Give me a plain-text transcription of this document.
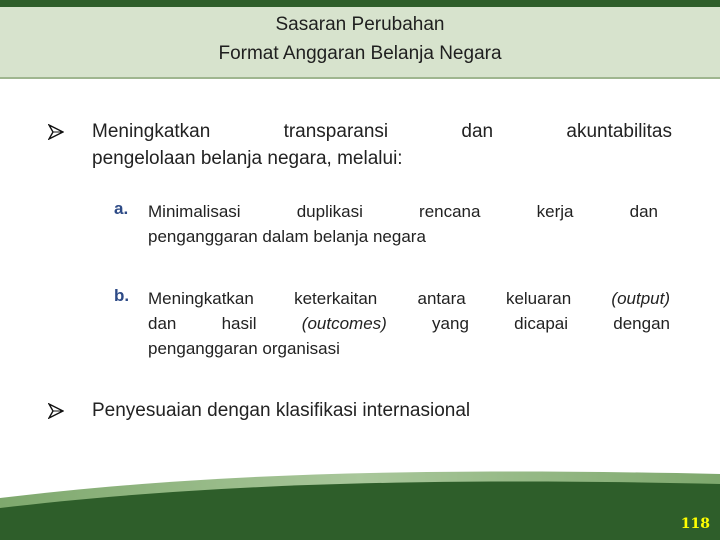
Sasaran Perubahan
Format Anggaran Belanja Negara
Meningkatkan transparansi dan akuntabilitas
pengelolaan belanja negara, melalui:
a. Minimalisasi duplikasi rencana kerja dan
penganggaran dalam belanja negara
b. Meningkatkan keterkaitan antara keluaran (output)
dan hasil (outcomes) yang dicapai dengan
penganggaran organisasi
Penyesuaian dengan klasifikasi internasional
118
